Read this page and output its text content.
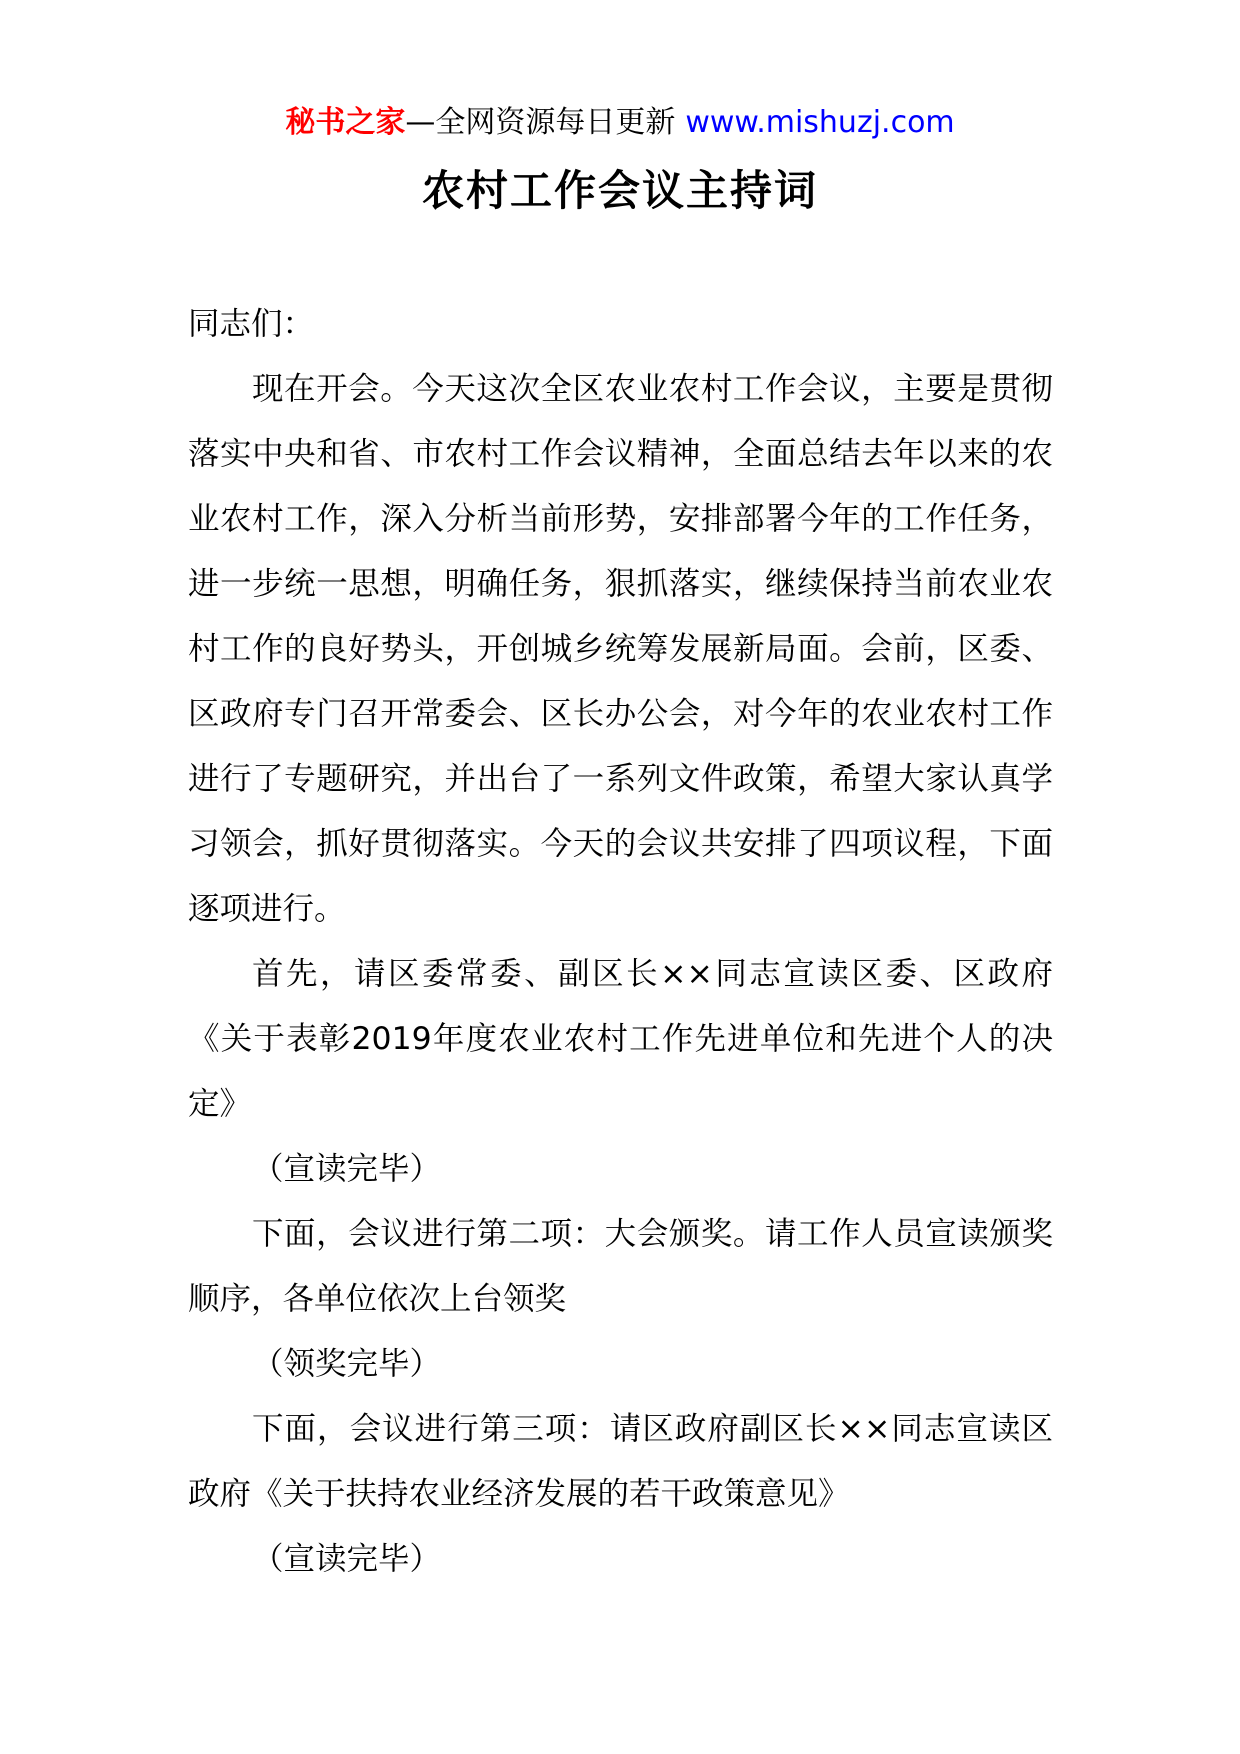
秘书之家—全网资源每日更新 www.mishuzj.com
农村工作会议主持词

同志们：

现在开会。今天这次全区农业农村工作会议，主要是贯彻落实中央和省、市农村工作会议精神，全面总结去年以来的农业农村工作，深入分析当前形势，安排部署今年的工作任务，进一步统一思想，明确任务，狠抓落实，继续保持当前农业农村工作的良好势头，开创城乡统筹发展新局面。会前，区委、区政府专门召开常委会、区长办公会，对今年的农业农村工作进行了专题研究，并出台了一系列文件政策，希望大家认真学习领会，抓好贯彻落实。今天的会议共安排了四项议程，下面逐项进行。

首先，请区委常委、副区长××同志宣读区委、区政府《关于表彰2019年度农业农村工作先进单位和先进个人的决定》

（宣读完毕）

下面，会议进行第二项：大会颁奖。请工作人员宣读颁奖顺序，各单位依次上台领奖

（领奖完毕）

下面，会议进行第三项：请区政府副区长××同志宣读区政府《关于扶持农业经济发展的若干政策意见》

（宣读完毕）
